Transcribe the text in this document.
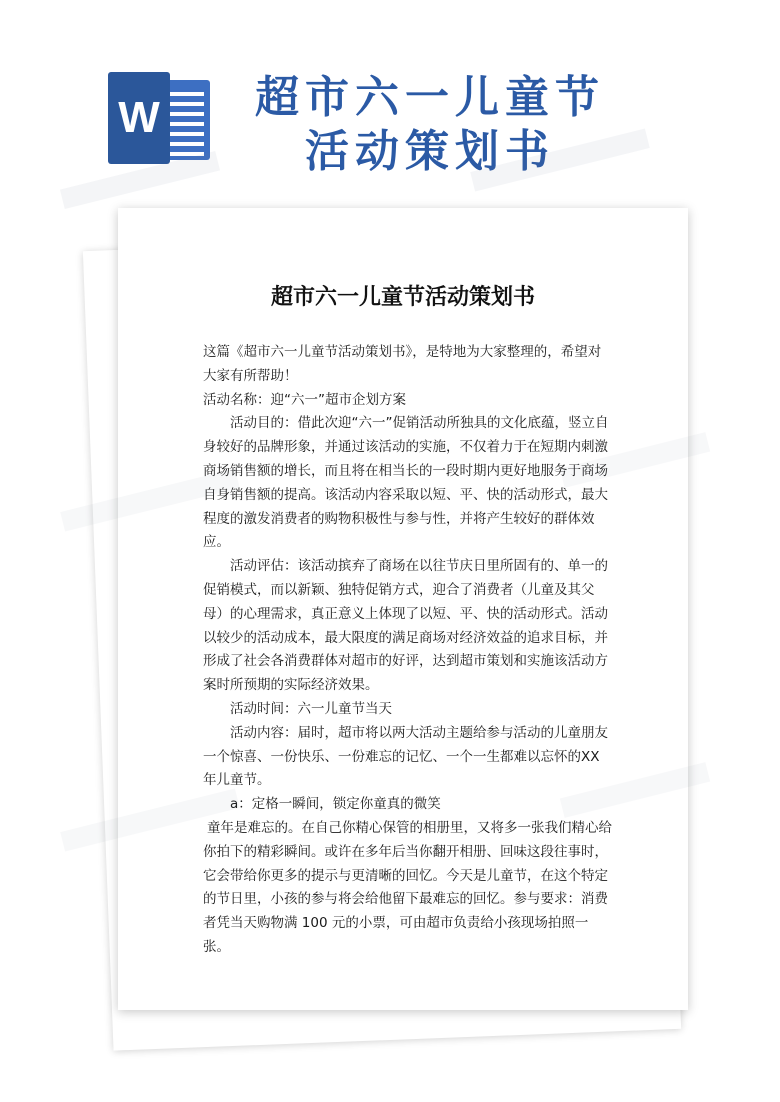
W	超市六一儿童节
活动策划书
超市六一儿童节活动策划书

这篇《超市六一儿童节活动策划书》，是特地为大家整理的，希望对大家有所帮助！

活动名称：迎“六一”超市企划方案

活动目的：借此次迎“六一”促销活动所独具的文化底蕴，竖立自身较好的品牌形象，并通过该活动的实施，不仅着力于在短期内刺激商场销售额的增长，而且将在相当长的一段时期内更好地服务于商场自身销售额的提高。该活动内容采取以短、平、快的活动形式，最大程度的激发消费者的购物积极性与参与性，并将产生较好的群体效应。

活动评估：该活动摈弃了商场在以往节庆日里所固有的、单一的促销模式，而以新颖、独特促销方式，迎合了消费者（儿童及其父母）的心理需求，真正意义上体现了以短、平、快的活动形式。活动以较少的活动成本，最大限度的满足商场对经济效益的追求目标，并形成了社会各消费群体对超市的好评，达到超市策划和实施该活动方案时所预期的实际经济效果。

活动时间：六一儿童节当天

活动内容：届时，超市将以两大活动主题给参与活动的儿童朋友一个惊喜、一份快乐、一份难忘的记忆、一个一生都难以忘怀的XX 年儿童节。

a：定格一瞬间，锁定你童真的微笑

童年是难忘的。在自己你精心保管的相册里，又将多一张我们精心给你拍下的精彩瞬间。或许在多年后当你翻开相册、回味这段往事时，它会带给你更多的提示与更清晰的回忆。今天是儿童节，在这个特定的节日里，小孩的参与将会给他留下最难忘的回忆。参与要求：消费者凭当天购物满 100 元的小票，可由超市负责给小孩现场拍照一张。
